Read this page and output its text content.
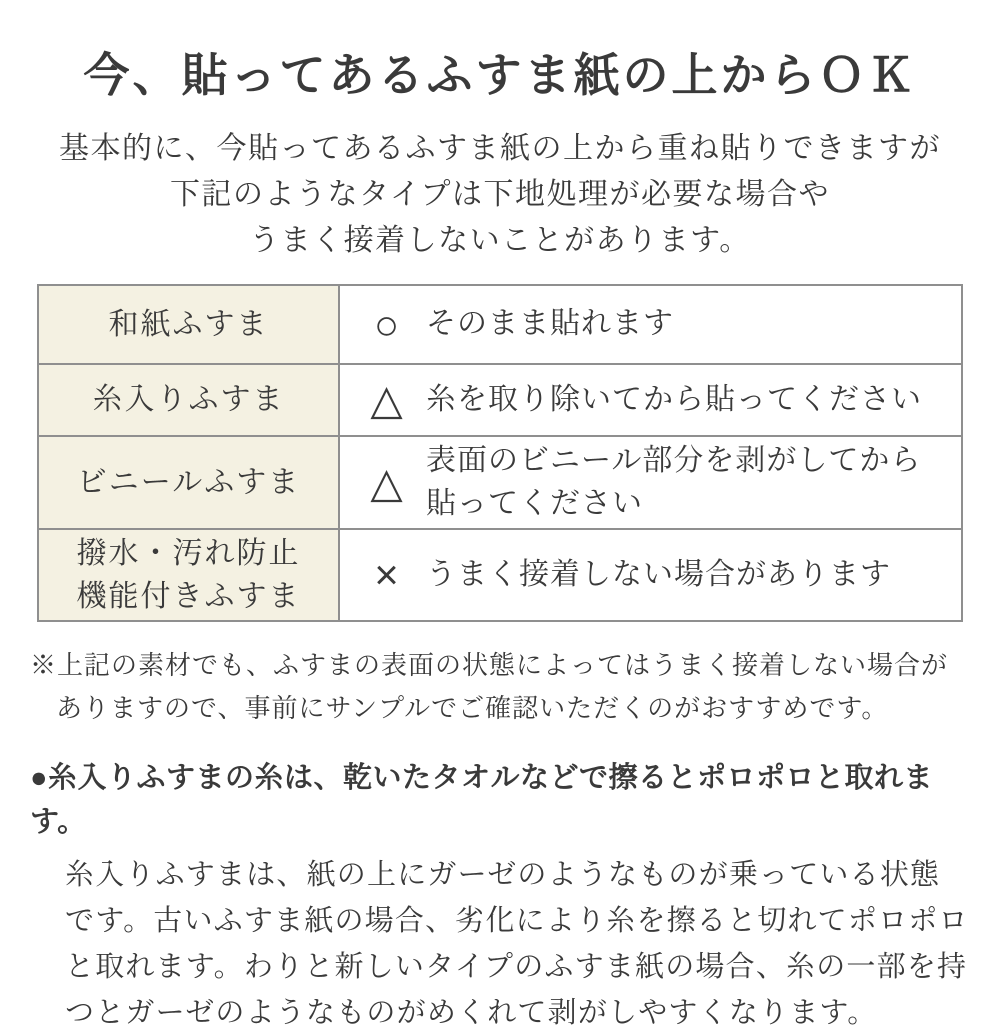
今、貼ってあるふすま紙の上からＯＫ
基本的に、今貼ってあるふすま紙の上から重ね貼りできますが
下記のようなタイプは下地処理が必要な場合や
うまく接着しないことがあります。
和紙ふすま	○ そのまま貼れます
糸入りふすま	△ 糸を取り除いてから貼ってください
ビニールふすま	△ 表面のビニール部分を剥がしてから
貼ってください
撥水・汚れ防止
機能付きふすま	× うまく接着しない場合があります

※上記の素材でも、ふすまの表面の状態によってはうまく接着しない場合がありますので、事前にサンプルでご確認いただくのがおすすめです。

●糸入りふすまの糸は、乾いたタオルなどで擦るとポロポロと取れます。

糸入りふすまは、紙の上にガーゼのようなものが乗っている状態です。古いふすま紙の場合、劣化により糸を擦ると切れてポロポロと取れます。わりと新しいタイプのふすま紙の場合、糸の一部を持つとガーゼのようなものがめくれて剥がしやすくなります。
